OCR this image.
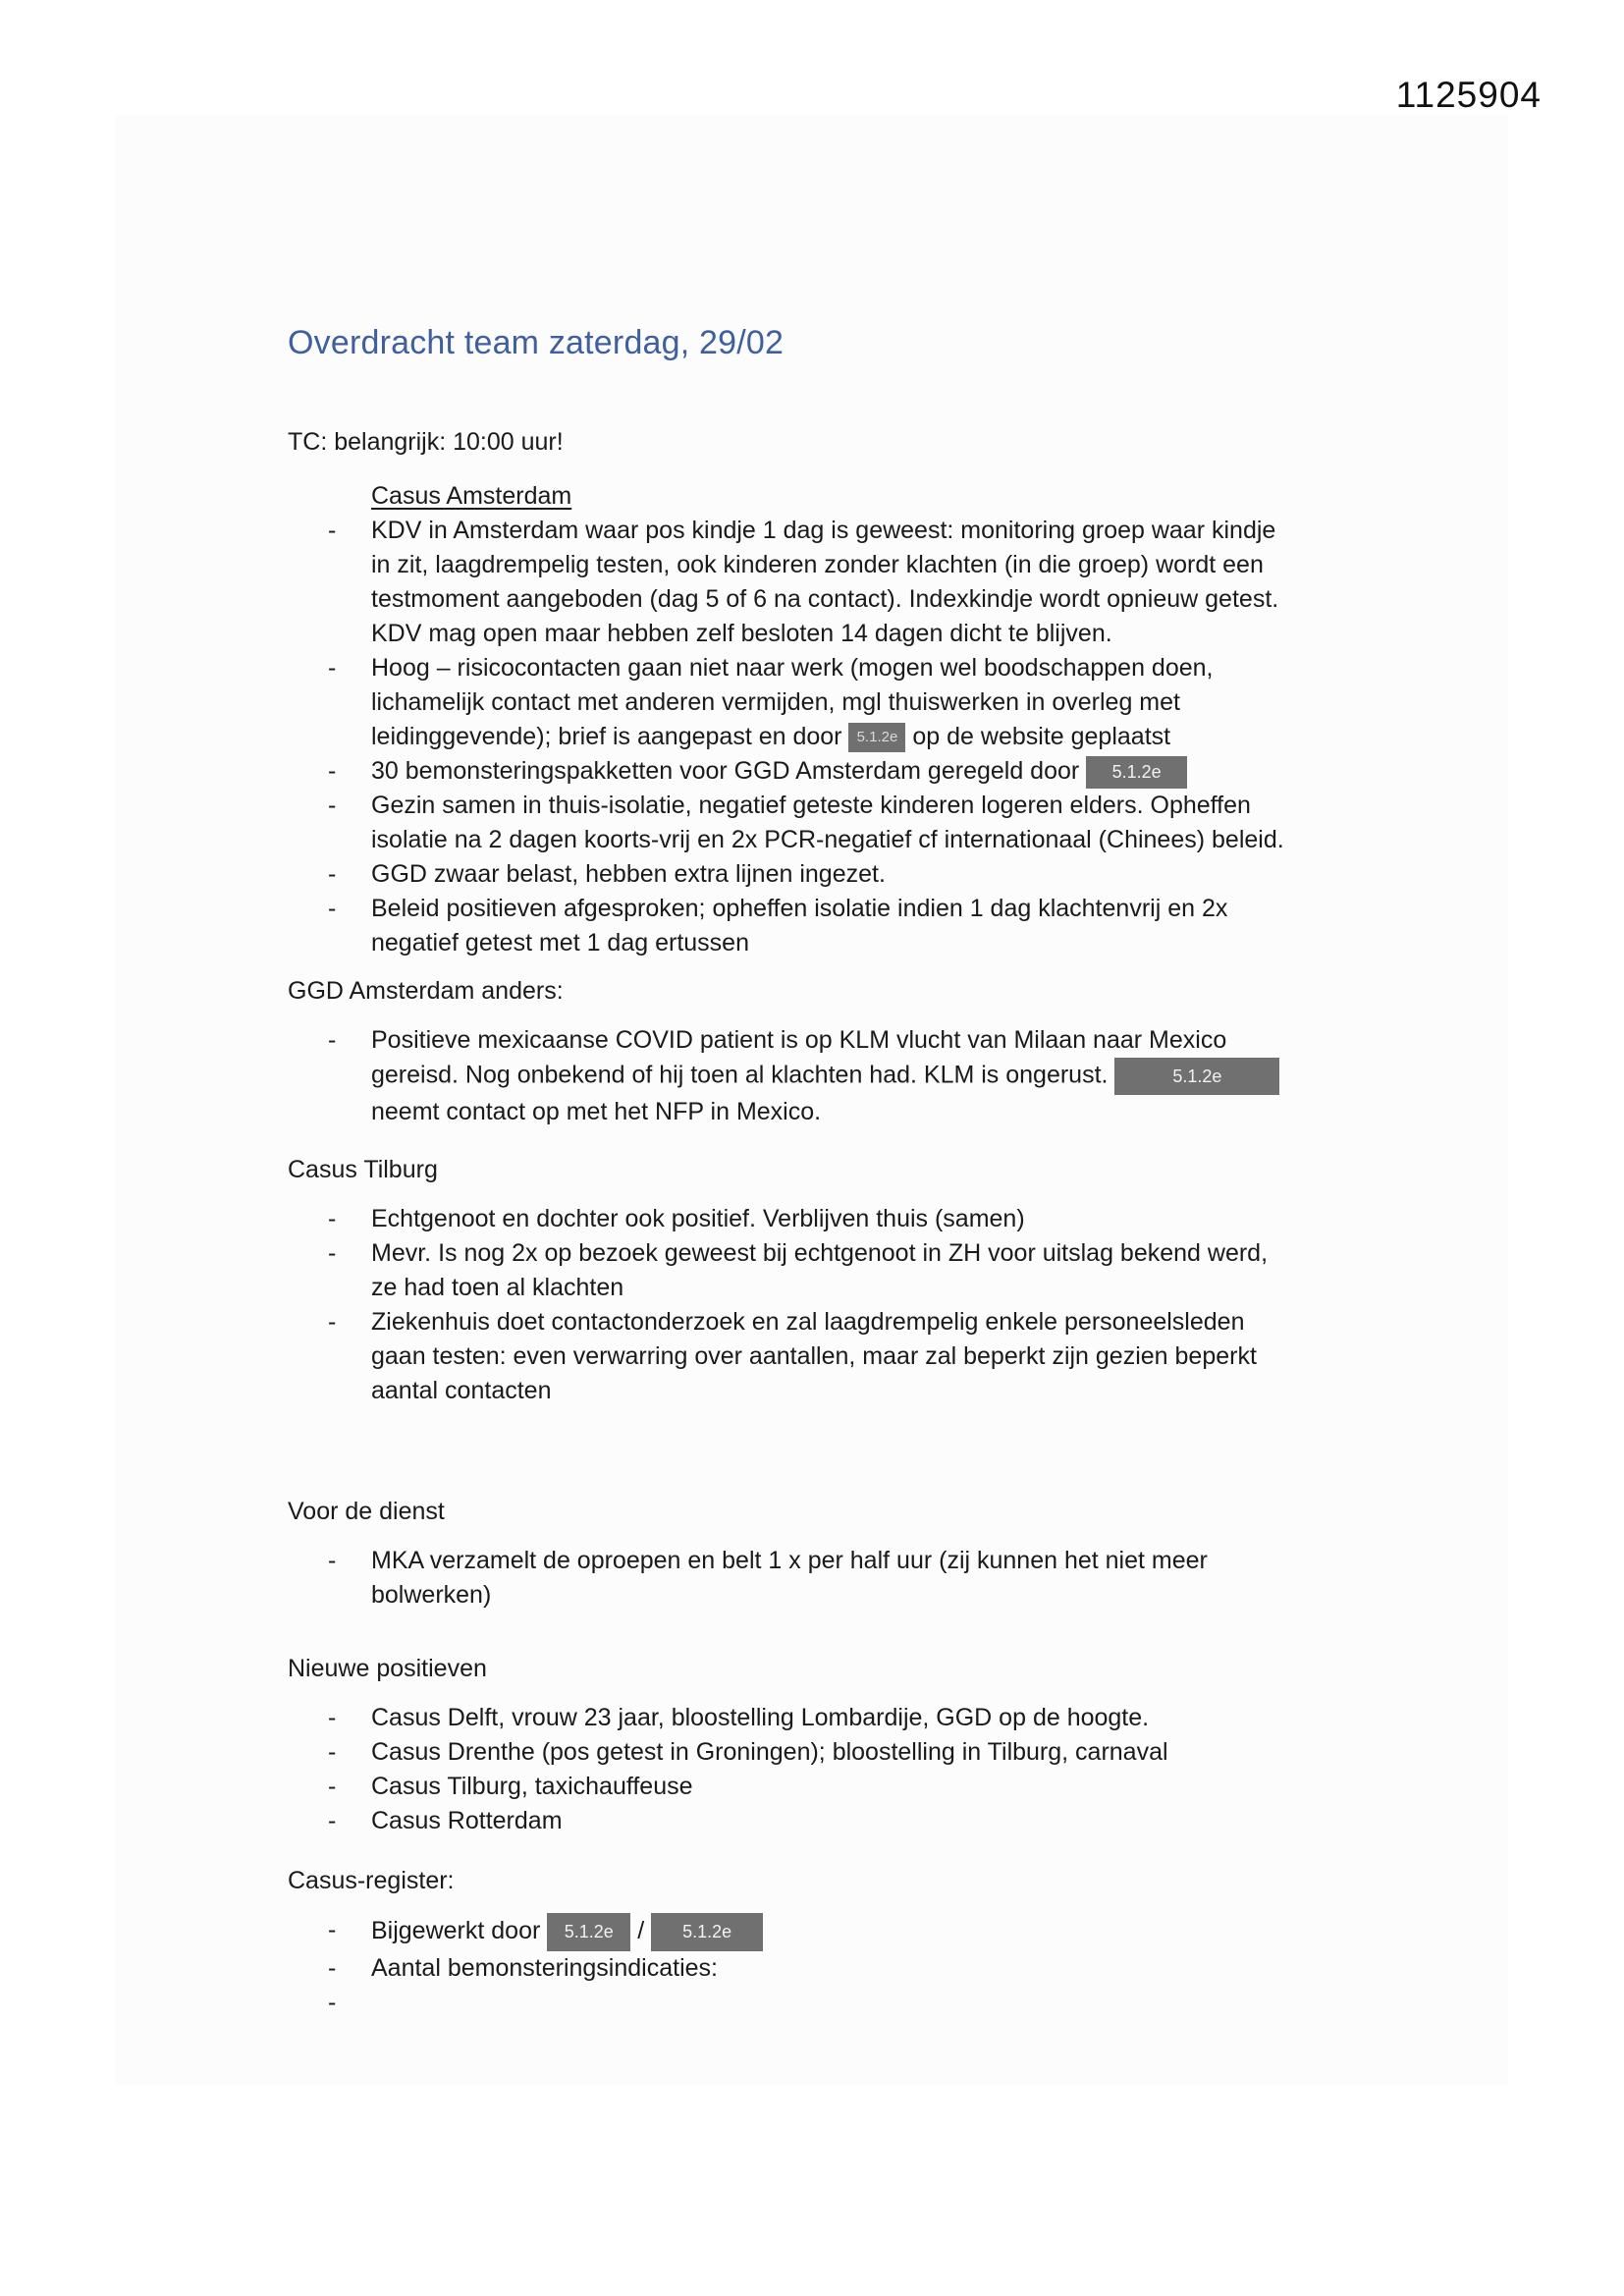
1125904
Overdracht team zaterdag, 29/02
TC: belangrijk: 10:00 uur!
Casus Amsterdam
- KDV in Amsterdam waar pos kindje 1 dag is geweest: monitoring groep waar kindje in zit, laagdrempelig testen, ook kinderen zonder klachten (in die groep) wordt een testmoment aangeboden (dag 5 of 6 na contact). Indexkindje wordt opnieuw getest. KDV mag open maar hebben zelf besloten 14 dagen dicht te blijven.
- Hoog – risicocontacten gaan niet naar werk (mogen wel boodschappen doen, lichamelijk contact met anderen vermijden, mgl thuiswerken in overleg met leidinggevende); brief is aangepast en door 5.1.2e op de website geplaatst
- 30 bemonsteringspakketten voor GGD Amsterdam geregeld door 5.1.2e
- Gezin samen in thuis-isolatie, negatief geteste kinderen logeren elders. Opheffen isolatie na 2 dagen koorts-vrij en 2x PCR-negatief cf internationaal (Chinees) beleid.
- GGD zwaar belast, hebben extra lijnen ingezet.
- Beleid positieven afgesproken; opheffen isolatie indien 1 dag klachtenvrij en 2x negatief getest met 1 dag ertussen
GGD Amsterdam anders:
- Positieve mexicaanse COVID patient is op KLM vlucht van Milaan naar Mexico gereisd. Nog onbekend of hij toen al klachten had. KLM is ongerust.	5.1.2e neemt contact op met het NFP in Mexico.
Casus Tilburg
- Echtgenoot en dochter ook positief. Verblijven thuis (samen)
- Mevr. Is nog 2x op bezoek geweest bij echtgenoot in ZH voor uitslag bekend werd, ze had toen al klachten
- Ziekenhuis doet contactonderzoek en zal laagdrempelig enkele personeelsleden gaan testen: even verwarring over aantallen, maar zal beperkt zijn gezien beperkt aantal contacten
Voor de dienst
- MKA verzamelt de oproepen en belt 1 x per half uur (zij kunnen het niet meer bolwerken)
Nieuwe positieven
- Casus Delft, vrouw 23 jaar, bloostelling Lombardije, GGD op de hoogte.
- Casus Drenthe (pos getest in Groningen); bloostelling in Tilburg, carnaval
- Casus Tilburg, taxichauffeuse
- Casus Rotterdam
Casus-register:
- Bijgewerkt door 5.1.2e / 5.1.2e
- Aantal bemonsteringsindicaties:
-
